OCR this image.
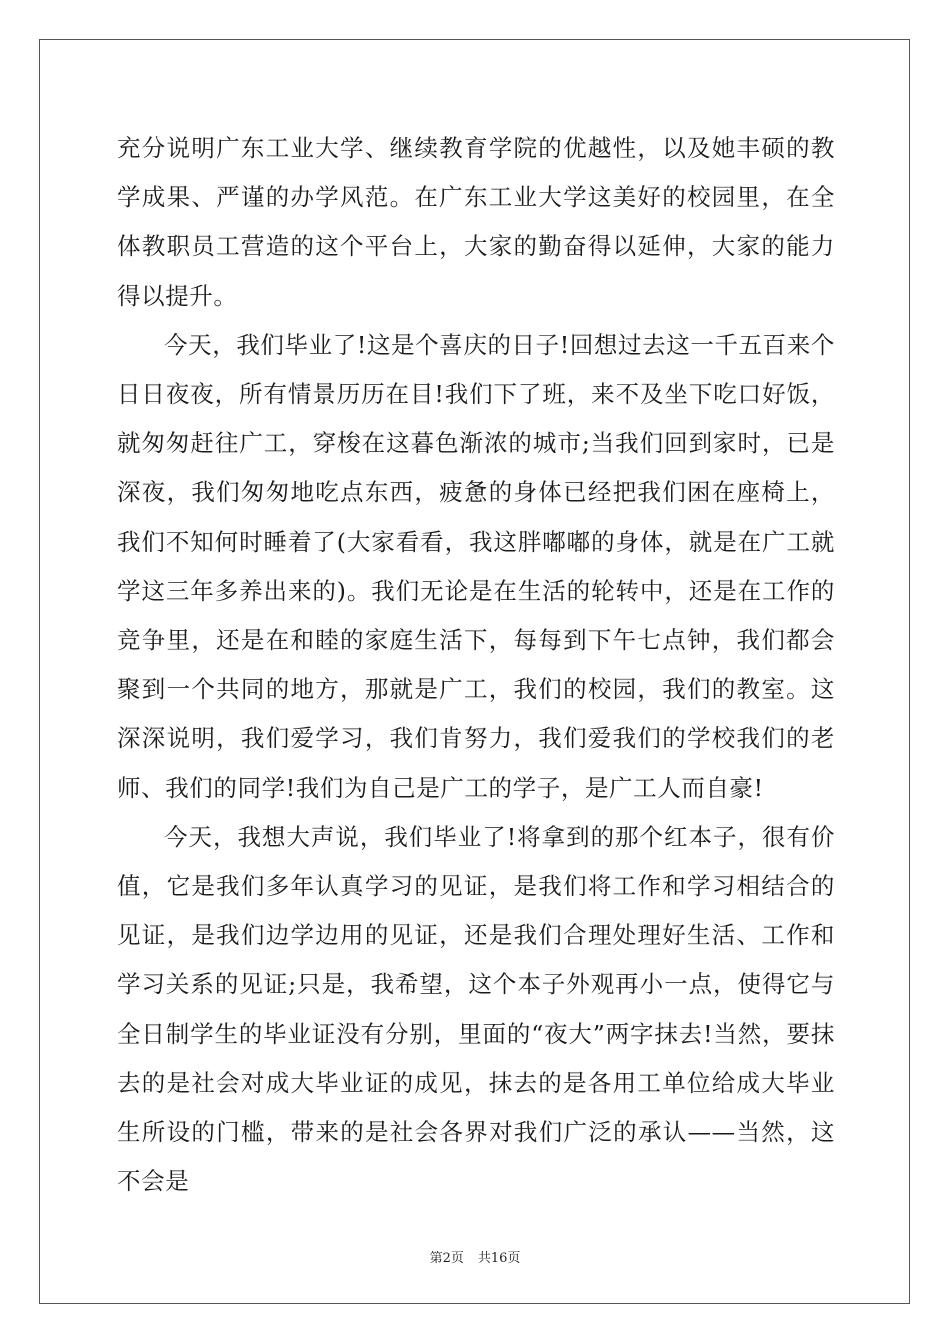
充分说明广东工业大学、继续教育学院的优越性，以及她丰硕的教学成果、严谨的办学风范。在广东工业大学这美好的校园里，在全体教职员工营造的这个平台上，大家的勤奋得以延伸，大家的能力得以提升。

今天，我们毕业了!这是个喜庆的日子!回想过去这一千五百来个日日夜夜，所有情景历历在目!我们下了班，来不及坐下吃口好饭，就匆匆赶往广工，穿梭在这暮色渐浓的城市;当我们回到家时，已是深夜，我们匆匆地吃点东西，疲惫的身体已经把我们困在座椅上，我们不知何时睡着了(大家看看，我这胖嘟嘟的身体，就是在广工就学这三年多养出来的)。我们无论是在生活的轮转中，还是在工作的竞争里，还是在和睦的家庭生活下，每每到下午七点钟，我们都会聚到一个共同的地方，那就是广工，我们的校园，我们的教室。这深深说明，我们爱学习，我们肯努力，我们爱我们的学校我们的老师、我们的同学!我们为自己是广工的学子，是广工人而自豪!

今天，我想大声说，我们毕业了!将拿到的那个红本子，很有价值，它是我们多年认真学习的见证，是我们将工作和学习相结合的见证，是我们边学边用的见证，还是我们合理处理好生活、工作和学习关系的见证;只是，我希望，这个本子外观再小一点，使得它与全日制学生的毕业证没有分别，里面的“夜大”两字抹去!当然，要抹去的是社会对成大毕业证的成见，抹去的是各用工单位给成大毕业生所设的门槛，带来的是社会各界对我们广泛的承认——当然，这不会是

第2页 共16页
